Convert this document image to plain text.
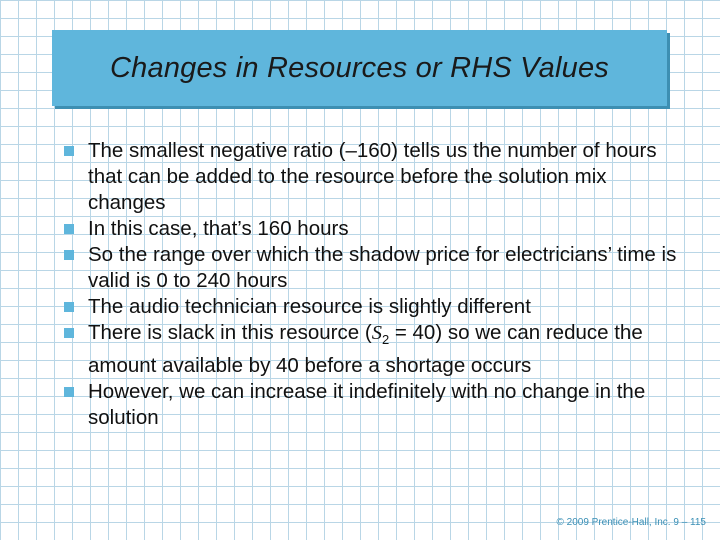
Changes in Resources or RHS Values
The smallest negative ratio (–160) tells us the number of hours that can be added to the resource before the solution mix changes
In this case, that’s 160 hours
So the range over which the shadow price for electricians’ time is valid is 0 to 240 hours
The audio technician resource is slightly different
There is slack in this resource $(S_2 = 40)$ so we can reduce the amount available by 40 before a shortage occurs
However, we can increase it indefinitely with no change in the solution
© 2009 Prentice-Hall, Inc. 9 – 115
